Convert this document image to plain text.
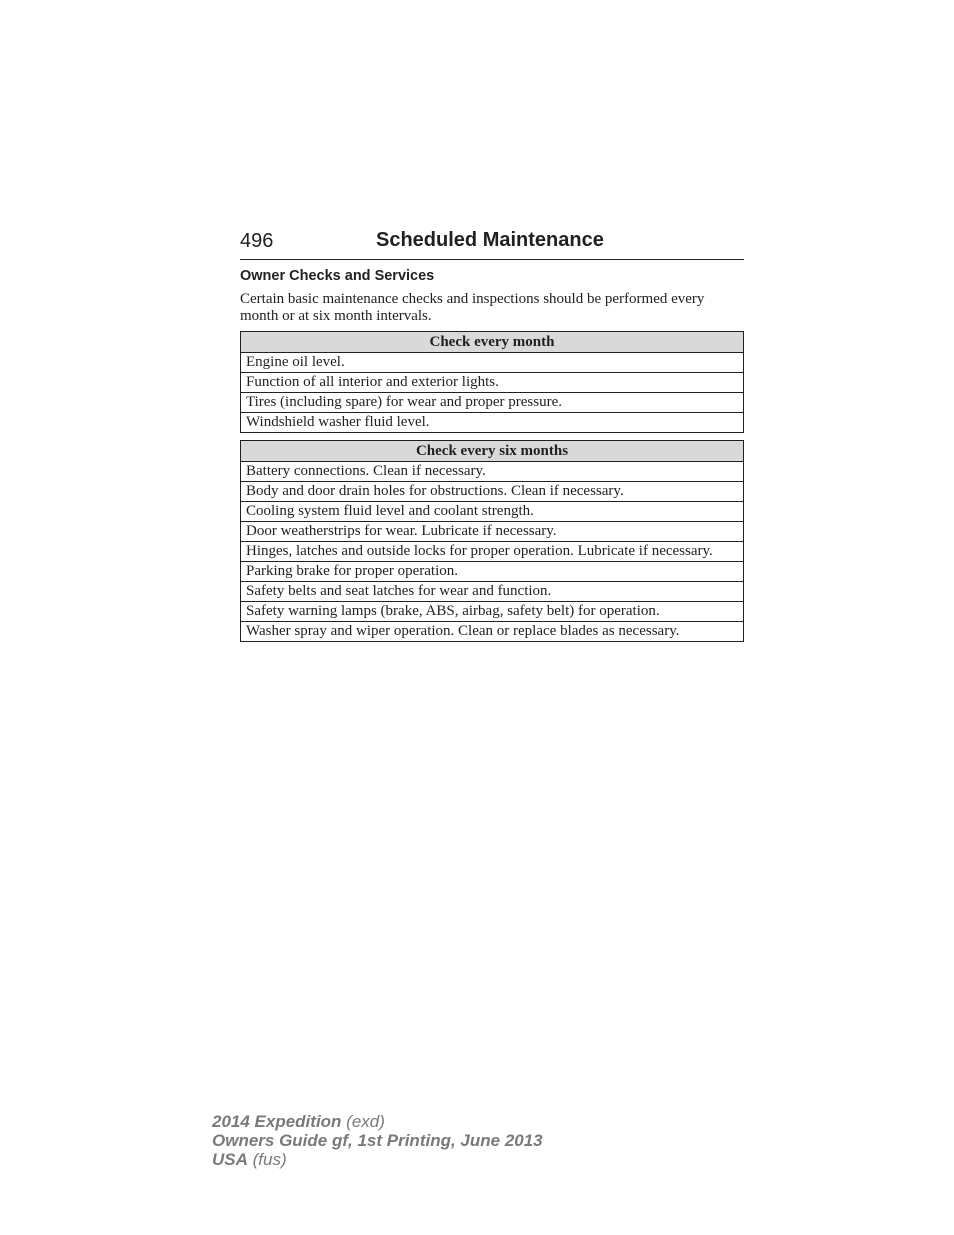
496	Scheduled Maintenance
Owner Checks and Services
Certain basic maintenance checks and inspections should be performed every month or at six month intervals.
Check every month
Engine oil level.
Function of all interior and exterior lights.
Tires (including spare) for wear and proper pressure.
Windshield washer fluid level.
Check every six months
Battery connections. Clean if necessary.
Body and door drain holes for obstructions. Clean if necessary.
Cooling system fluid level and coolant strength.
Door weatherstrips for wear. Lubricate if necessary.
Hinges, latches and outside locks for proper operation. Lubricate if necessary.
Parking brake for proper operation.
Safety belts and seat latches for wear and function.
Safety warning lamps (brake, ABS, airbag, safety belt) for operation.
Washer spray and wiper operation. Clean or replace blades as necessary.
2014 Expedition (exd)
Owners Guide gf, 1st Printing, June 2013
USA (fus)
